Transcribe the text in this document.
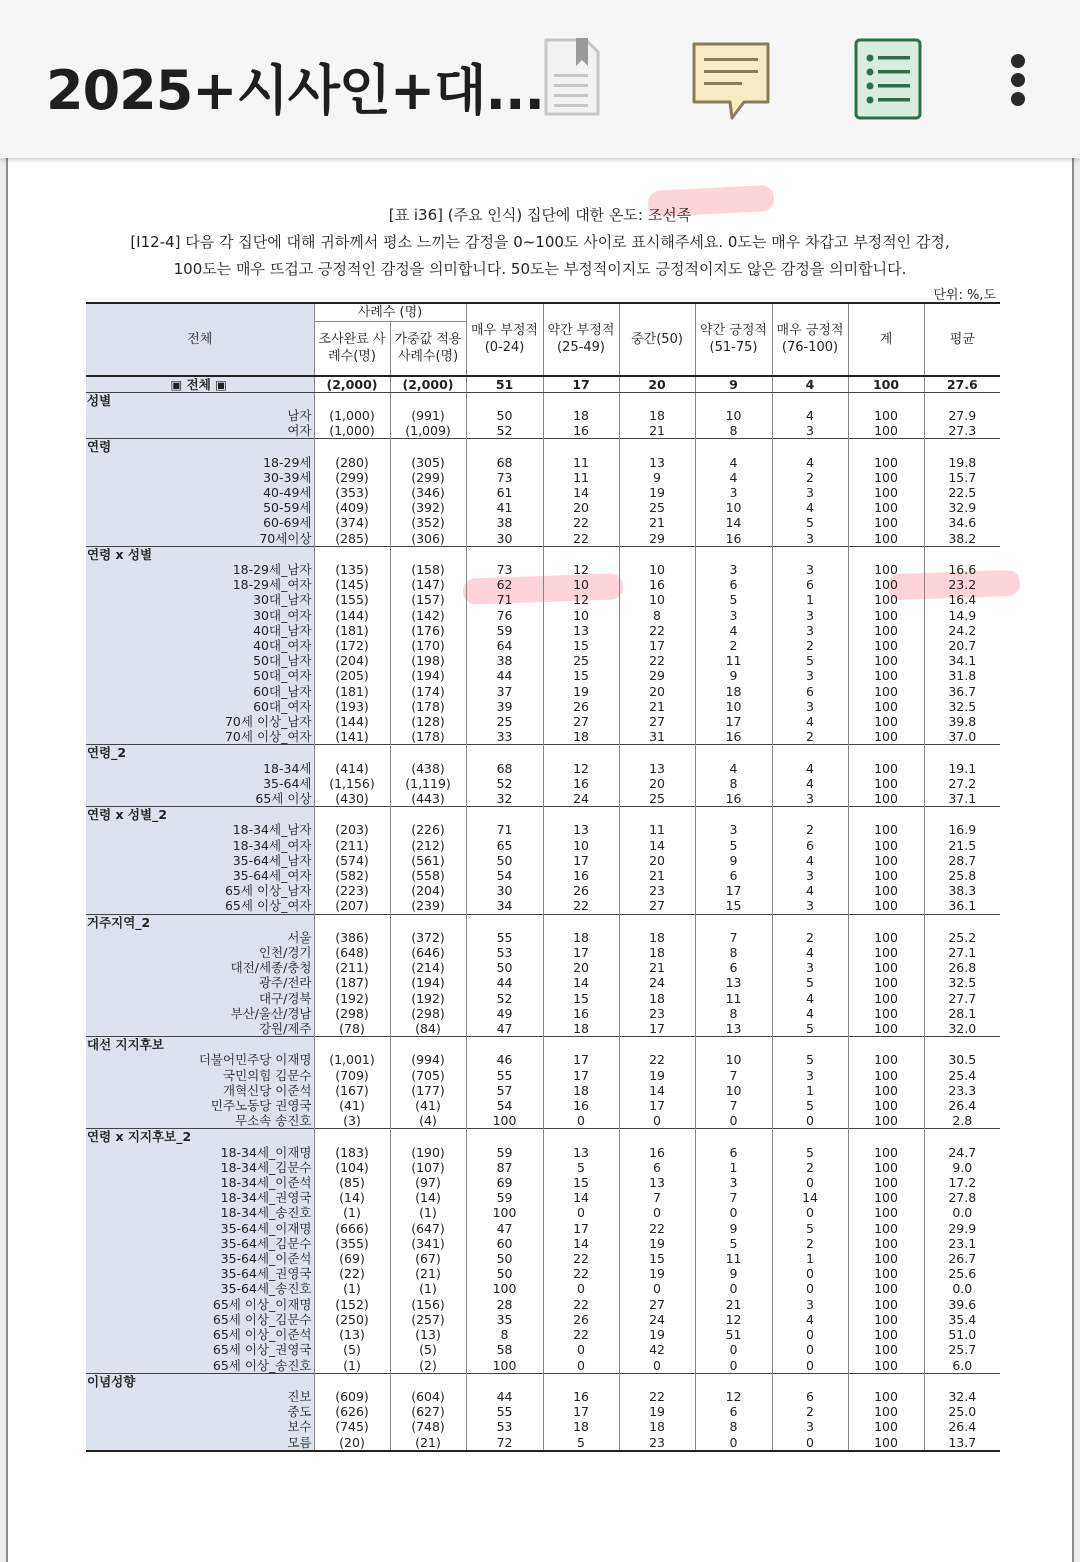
2025+시사인+대...
[표 i36] (주요 인식) 집단에 대한 온도: 조선족
[I12-4] 다음 각 집단에 대해 귀하께서 평소 느끼는 감정을 0~100도 사이로 표시해주세요. 0도는 매우 차갑고 부정적인 감정,
100도는 매우 뜨겁고 긍정적인 감정을 의미합니다. 50도는 부정적이지도 긍정적이지도 않은 감정을 의미합니다.
단위: %,도
전체	사례수 (명)		매우 부정적(0-24)	약간 부정적(25-49)	중간(50)	약간 긍정적(51-75)	매우 긍정적(76-100)	계	평균
	조사완료 사례수(명)	가중값 적용 사례수(명)							
▣ 전체 ▣	(2,000)	(2,000)	51	17	20	9	4	100	27.6
성별									
남자	(1,000)	(991)	50	18	18	10	4	100	27.9
여자	(1,000)	(1,009)	52	16	21	8	3	100	27.3
연령									
18-29세	(280)	(305)	68	11	13	4	4	100	19.8
30-39세	(299)	(299)	73	11	9	4	2	100	15.7
40-49세	(353)	(346)	61	14	19	3	3	100	22.5
50-59세	(409)	(392)	41	20	25	10	4	100	32.9
60-69세	(374)	(352)	38	22	21	14	5	100	34.6
70세이상	(285)	(306)	30	22	29	16	3	100	38.2
연령 x 성별									
18-29세_남자	(135)	(158)	73	12	10	3	3	100	16.6
18-29세_여자	(145)	(147)	62	10	16	6	6	100	23.2
30대_남자	(155)	(157)	71	12	10	5	1	100	16.4
30대_여자	(144)	(142)	76	10	8	3	3	100	14.9
40대_남자	(181)	(176)	59	13	22	4	3	100	24.2
40대_여자	(172)	(170)	64	15	17	2	2	100	20.7
50대_남자	(204)	(198)	38	25	22	11	5	100	34.1
50대_여자	(205)	(194)	44	15	29	9	3	100	31.8
60대_남자	(181)	(174)	37	19	20	18	6	100	36.7
60대_여자	(193)	(178)	39	26	21	10	3	100	32.5
70세 이상_남자	(144)	(128)	25	27	27	17	4	100	39.8
70세 이상_여자	(141)	(178)	33	18	31	16	2	100	37.0
연령_2									
18-34세	(414)	(438)	68	12	13	4	4	100	19.1
35-64세	(1,156)	(1,119)	52	16	20	8	4	100	27.2
65세 이상	(430)	(443)	32	24	25	16	3	100	37.1
연령 x 성별_2									
18-34세_남자	(203)	(226)	71	13	11	3	2	100	16.9
18-34세_여자	(211)	(212)	65	10	14	5	6	100	21.5
35-64세_남자	(574)	(561)	50	17	20	9	4	100	28.7
35-64세_여자	(582)	(558)	54	16	21	6	3	100	25.8
65세 이상_남자	(223)	(204)	30	26	23	17	4	100	38.3
65세 이상_여자	(207)	(239)	34	22	27	15	3	100	36.1
거주지역_2									
서울	(386)	(372)	55	18	18	7	2	100	25.2
인천/경기	(648)	(646)	53	17	18	8	4	100	27.1
대전/세종/충청	(211)	(214)	50	20	21	6	3	100	26.8
광주/전라	(187)	(194)	44	14	24	13	5	100	32.5
대구/경북	(192)	(192)	52	15	18	11	4	100	27.7
부산/울산/경남	(298)	(298)	49	16	23	8	4	100	28.1
강원/제주	(78)	(84)	47	18	17	13	5	100	32.0
대선 지지후보									
더불어민주당 이재명	(1,001)	(994)	46	17	22	10	5	100	30.5
국민의힘 김문수	(709)	(705)	55	17	19	7	3	100	25.4
개혁신당 이준석	(167)	(177)	57	18	14	10	1	100	23.3
민주노동당 권영국	(41)	(41)	54	16	17	7	5	100	26.4
무소속 송진호	(3)	(4)	100	0	0	0	0	100	2.8
연령 x 지지후보_2									
18-34세_이재명	(183)	(190)	59	13	16	6	5	100	24.7
18-34세_김문수	(104)	(107)	87	5	6	1	2	100	9.0
18-34세_이준석	(85)	(97)	69	15	13	3	0	100	17.2
18-34세_권영국	(14)	(14)	59	14	7	7	14	100	27.8
18-34세_송진호	(1)	(1)	100	0	0	0	0	100	0.0
35-64세_이재명	(666)	(647)	47	17	22	9	5	100	29.9
35-64세_김문수	(355)	(341)	60	14	19	5	2	100	23.1
35-64세_이준석	(69)	(67)	50	22	15	11	1	100	26.7
35-64세_권영국	(22)	(21)	50	22	19	9	0	100	25.6
35-64세_송진호	(1)	(1)	100	0	0	0	0	100	0.0
65세 이상_이재명	(152)	(156)	28	22	27	21	3	100	39.6
65세 이상_김문수	(250)	(257)	35	26	24	12	4	100	35.4
65세 이상_이준석	(13)	(13)	8	22	19	51	0	100	51.0
65세 이상_권영국	(5)	(5)	58	0	42	0	0	100	25.7
65세 이상_송진호	(1)	(2)	100	0	0	0	0	100	6.0
이념성향									
진보	(609)	(604)	44	16	22	12	6	100	32.4
중도	(626)	(627)	55	17	19	6	2	100	25.0
보수	(745)	(748)	53	18	18	8	3	100	26.4
모름	(20)	(21)	72	5	23	0	0	100	13.7
